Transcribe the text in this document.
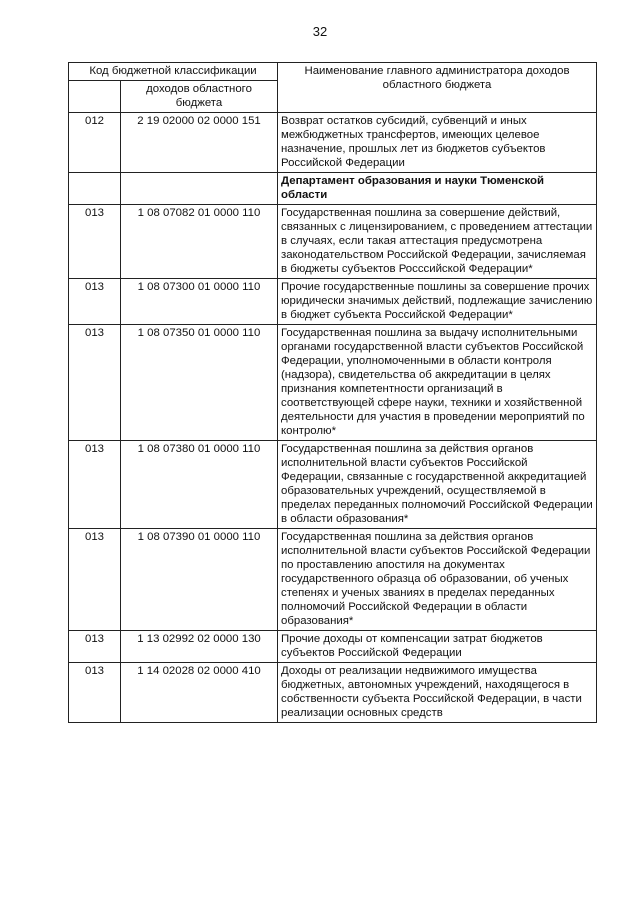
32
Код бюджетной классификации		Наименование главного администратора доходов областного бюджета
	доходов областного бюджета	
012	2 19 02000 02 0000 151	Возврат остатков субсидий, субвенций и иных межбюджетных трансфертов, имеющих целевое назначение, прошлых лет из бюджетов субъектов Российской Федерации
		Департамент образования и науки Тюменской области
013	1 08 07082 01 0000 110	Государственная пошлина за совершение действий, связанных с лицензированием, с проведением аттестации в случаях, если такая аттестация предусмотрена законодательством Российской Федерации, зачисляемая в бюджеты субъектов Россcийской Федерации*
013	1 08 07300 01 0000 110	Прочие государственные пошлины за совершение прочих юридически значимых действий, подлежащие зачислению в бюджет субъекта Российской Федерации*
013	1 08 07350 01 0000 110	Государственная пошлина за выдачу исполнительными органами государственной власти субъектов Российской Федерации, уполномоченными в области контроля (надзора), свидетельства об аккредитации в целях признания компетентности организаций в соответствующей сфере науки, техники и хозяйственной деятельности для участия в проведении мероприятий по контролю*
013	1 08 07380 01 0000 110	Государственная пошлина за действия органов исполнительной власти субъектов Российской Федерации, связанные с государственной аккредитацией образовательных учреждений, осуществляемой в пределах переданных полномочий Российской Федерации в области образования*
013	1 08 07390 01 0000 110	Государственная пошлина за действия органов исполнительной власти субъектов Российской Федерации по проставлению апостиля на документах государственного образца об образовании, об ученых степенях и ученых званиях в пределах переданных полномочий Российской Федерации в области образования*
013	1 13 02992 02 0000 130	Прочие доходы от компенсации затрат бюджетов субъектов Российской Федерации
013	1 14 02028 02 0000 410	Доходы от реализации недвижимого имущества бюджетных, автономных учреждений, находящегося в собственности субъекта Российской Федерации, в части реализации основных средств
